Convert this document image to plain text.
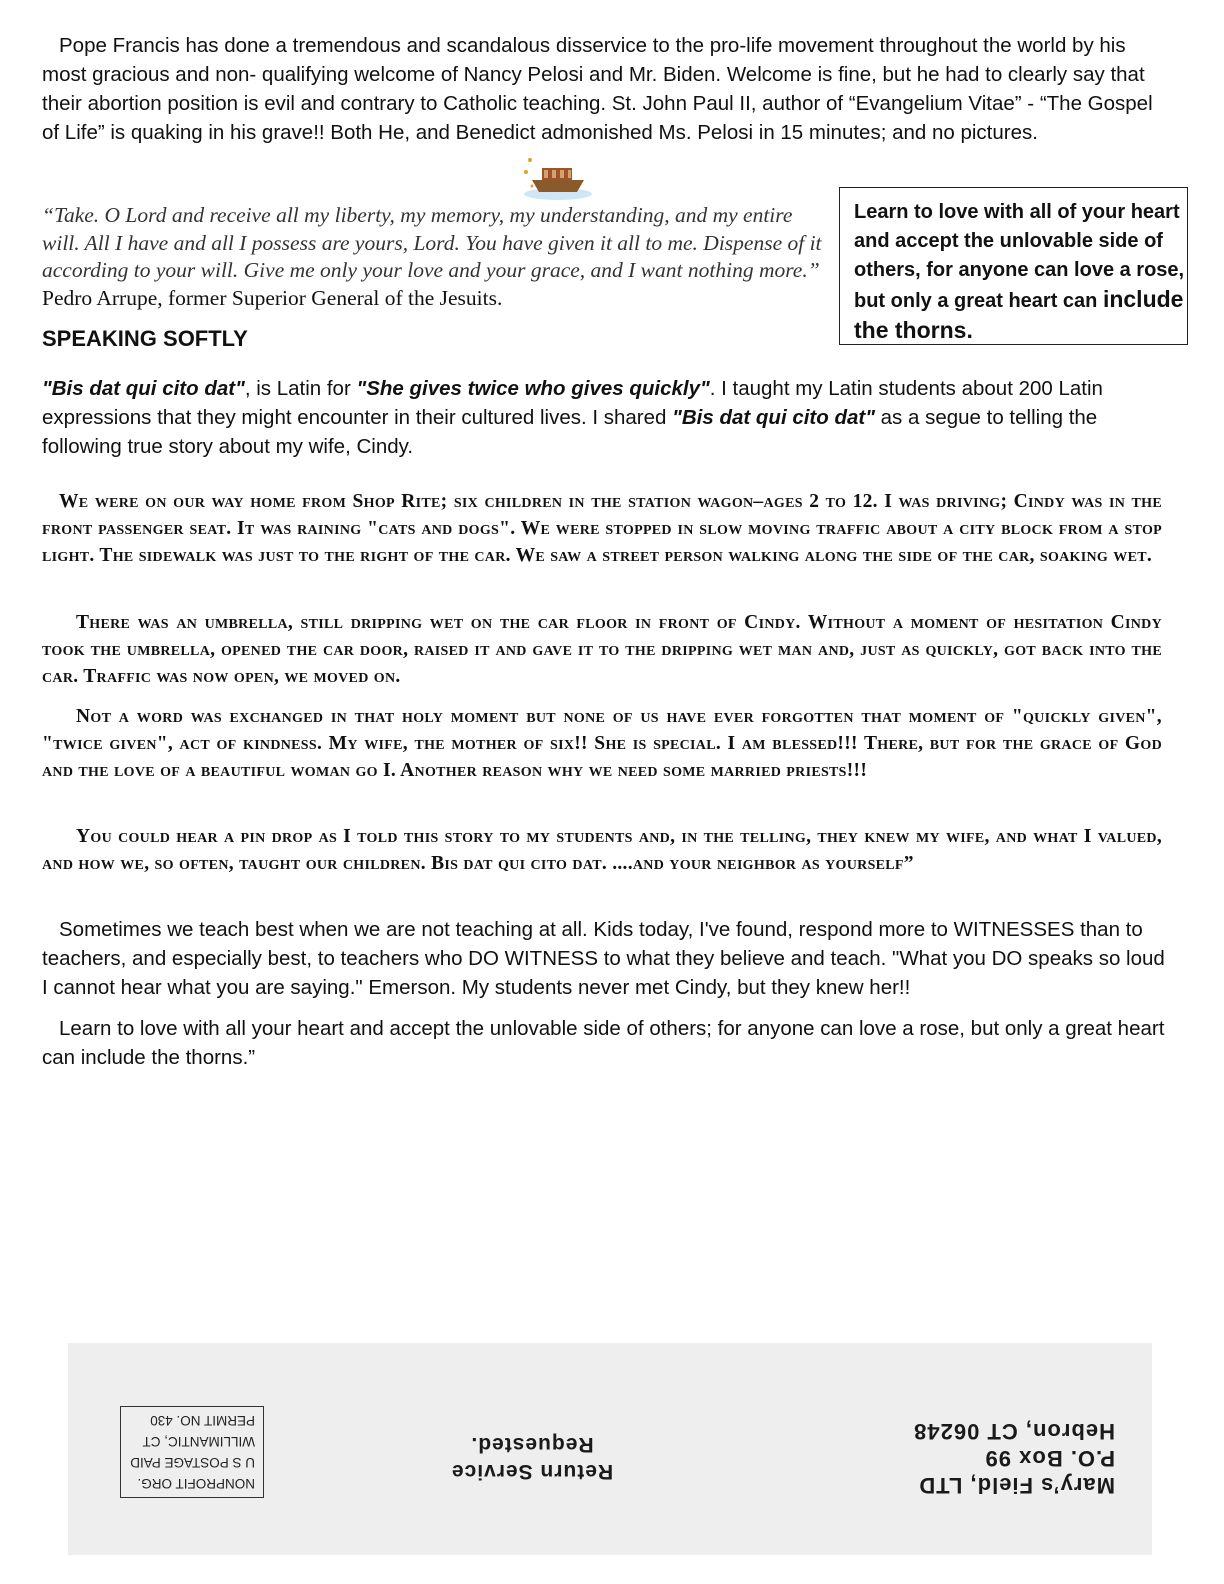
Pope Francis has done a tremendous and scandalous disservice to the pro-life movement throughout the world by his most gracious and non- qualifying welcome of Nancy Pelosi and Mr. Biden. Welcome is fine, but he had to clearly say that their abortion position is evil and contrary to Catholic teaching. St. John Paul II, author of “Evangelium Vitae” - “The Gospel of Life” is quaking in his grave!! Both He, and Benedict admonished Ms. Pelosi in 15 minutes; and no pictures.

“Take. O Lord and receive all my liberty, my memory, my understanding, and my entire will. All I have and all I possess are yours, Lord. You have given it all to me. Dispense of it according to your will. Give me only your love and your grace, and I want nothing more.” Pedro Arrupe, former Superior General of the Jesuits.

Learn to love with all of your heart and accept the unlovable side of others, for anyone can love a rose, but only a great heart can include the thorns.
SPEAKING SOFTLY

"Bis dat qui cito dat", is Latin for "She gives twice who gives quickly". I taught my Latin students about 200 Latin expressions that they might encounter in their cultured lives. I shared "Bis dat qui cito dat" as a segue to telling the following true story about my wife, Cindy.

We were on our way home from Shop Rite; six children in the station wagon–ages 2 to 12. I was driving; Cindy was in the front passenger seat. It was raining "cats and dogs". We were stopped in slow moving traffic about a city block from a stop light. The sidewalk was just to the right of the car. We saw a street person walking along the side of the car, soaking wet.

There was an umbrella, still dripping wet on the car floor in front of Cindy. Without a moment of hesitation Cindy took the umbrella, opened the car door, raised it and gave it to the dripping wet man and, just as quickly, got back into the car. Traffic was now open, we moved on.

Not a word was exchanged in that holy moment but none of us have ever forgotten that moment of "quickly given", "twice given", act of kindness. My wife, the mother of six!! She is special. I am blessed!!! There, but for the grace of God and the love of a beautiful woman go I. Another reason why we need some married priests!!!

You could hear a pin drop as I told this story to my students and, in the telling, they knew my wife, and what I valued, and how we, so often, taught our children. Bis dat qui cito dat. ....and your neighbor as yourself”

Sometimes we teach best when we are not teaching at all. Kids today, I've found, respond more to WITNESSES than to teachers, and especially best, to teachers who DO WITNESS to what they believe and teach. "What you DO speaks so loud I cannot hear what you are saying." Emerson. My students never met Cindy, but they knew her!!

Learn to love with all your heart and accept the unlovable side of others; for anyone can love a rose, but only a great heart can include the thorns.”

NONPROFIT ORG.
U S POSTAGE PAID
WILLIMANTIC, CT
PERMIT NO. 430
Return Service
Requested.
Mary’s Field, LTD
P.O. Box 99
Hebron, CT 06248
